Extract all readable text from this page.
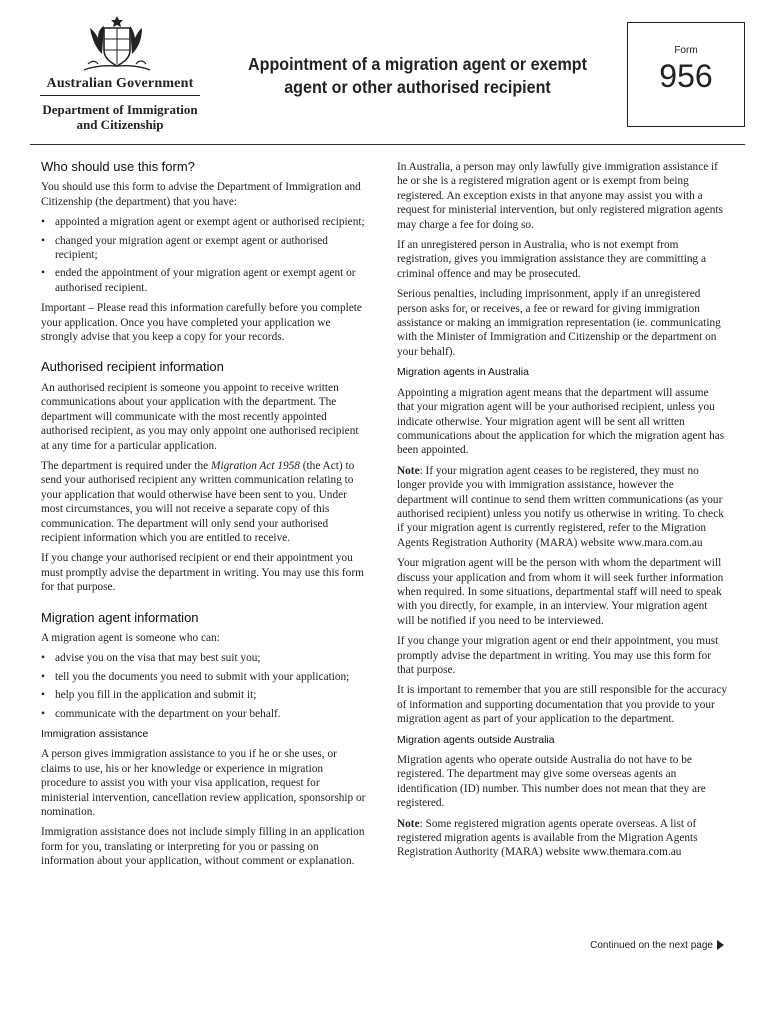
Australian Government
Department of Immigration and Citizenship
Appointment of a migration agent or exempt agent or other authorised recipient
Form
956
Who should use this form?

You should use this form to advise the Department of Immigration and Citizenship (the department) that you have:

• appointed a migration agent or exempt agent or authorised recipient;
• changed your migration agent or exempt agent or authorised recipient;
• ended the appointment of your migration agent or exempt agent or authorised recipient.

Important – Please read this information carefully before you complete your application. Once you have completed your application we strongly advise that you keep a copy for your records.

Authorised recipient information

An authorised recipient is someone you appoint to receive written communications about your application with the department. The department will communicate with the most recently appointed authorised recipient, as you may only appoint one authorised recipient at any time for a particular application.

The department is required under the Migration Act 1958 (the Act) to send your authorised recipient any written communication relating to your application that would otherwise have been sent to you. Under most circumstances, you will not receive a separate copy of this communication. The department will only send your authorised recipient information which you are entitled to receive.

If you change your authorised recipient or end their appointment you must promptly advise the department in writing. You may use this form for that purpose.

Migration agent information

A migration agent is someone who can:

• advise you on the visa that may best suit you;
• tell you the documents you need to submit with your application;
• help you fill in the application and submit it;
• communicate with the department on your behalf.
Immigration assistance

A person gives immigration assistance to you if he or she uses, or claims to use, his or her knowledge or experience in migration procedure to assist you with your visa application, request for ministerial intervention, cancellation review application, sponsorship or nomination.

Immigration assistance does not include simply filling in an application form for you, translating or interpreting for you or passing on information about your application, without comment or explanation.

In Australia, a person may only lawfully give immigration assistance if he or she is a registered migration agent or is exempt from being registered. An exception exists in that anyone may assist you with a request for ministerial intervention, but only registered migration agents may charge a fee for doing so.

If an unregistered person in Australia, who is not exempt from registration, gives you immigration assistance they are committing a criminal offence and may be prosecuted.

Serious penalties, including imprisonment, apply if an unregistered person asks for, or receives, a fee or reward for giving immigration assistance or making an immigration representation (ie. communicating with the Minister of Immigration and Citizenship or the department on your behalf).

Migration agents in Australia

Appointing a migration agent means that the department will assume that your migration agent will be your authorised recipient, unless you indicate otherwise. Your migration agent will be sent all written communications about the application for which the migration agent has been appointed.

Note: If your migration agent ceases to be registered, they must no longer provide you with immigration assistance, however the department will continue to send them written communications (as your authorised recipient) unless you notify us otherwise in writing. To check if your migration agent is currently registered, refer to the Migration Agents Registration Authority (MARA) website www.mara.com.au

Your migration agent will be the person with whom the department will discuss your application and from whom it will seek further information when required. In some situations, departmental staff will need to speak with you directly, for example, in an interview. Your migration agent will be notified if you need to be interviewed.

If you change your migration agent or end their appointment, you must promptly advise the department in writing. You may use this form for that purpose.

It is important to remember that you are still responsible for the accuracy of information and supporting documentation that you provide to your migration agent as part of your application to the department.

Migration agents outside Australia

Migration agents who operate outside Australia do not have to be registered. The department may give some overseas agents an identification (ID) number. This number does not mean that they are registered.

Note: Some registered migration agents operate overseas. A list of registered migration agents is available from the Migration Agents Registration Authority (MARA) website www.themara.com.au

Continued on the next page
